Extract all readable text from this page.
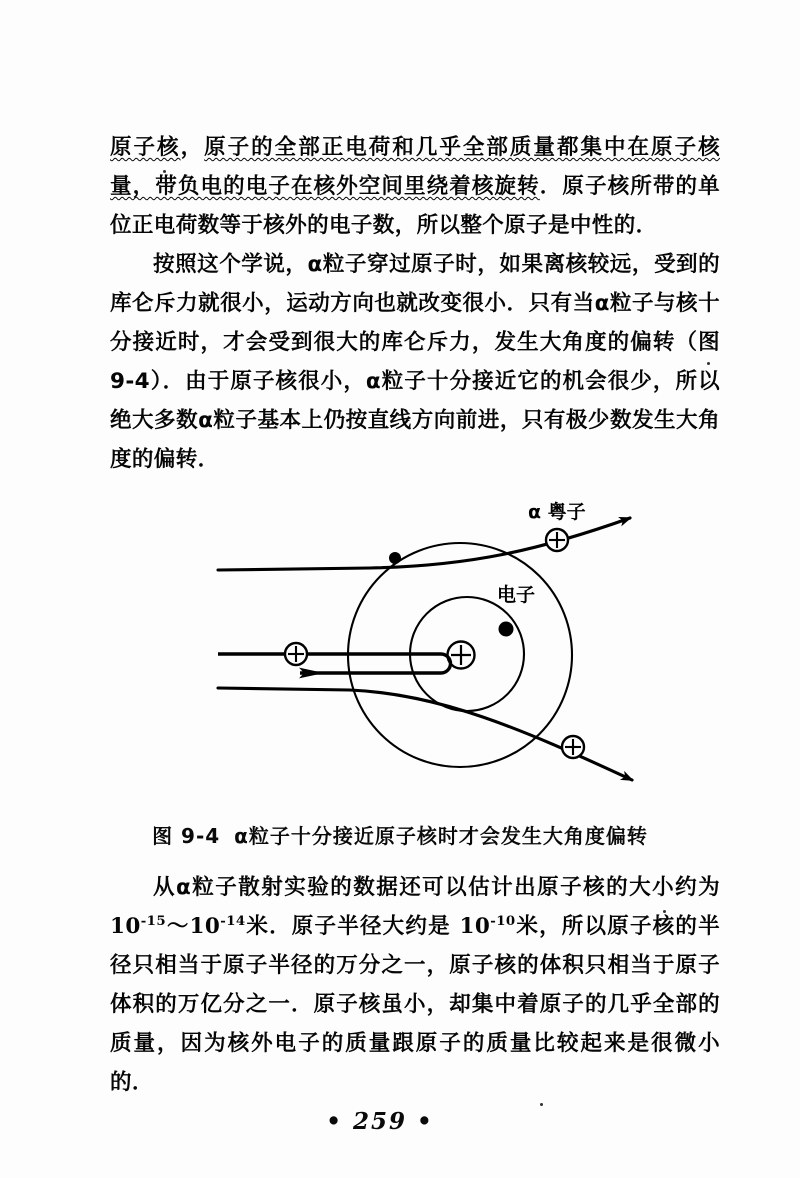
原子核，原子的全部正电荷和几乎全部质量都集中在原子核量，带负电的电子在核外空间里绕着核旋转．原子核所带的单位正电荷数等于核外的电子数，所以整个原子是中性的．

按照这个学说，α粒子穿过原子时，如果离核较远，受到的库仑斥力就很小，运动方向也就改变很小．只有当α粒子与核十分接近时，才会受到很大的库仑斥力，发生大角度的偏转（图9-4）．由于原子核很小，α粒子十分接近它的机会很少，所以绝大多数α粒子基本上仍按直线方向前进，只有极少数发生大角度的偏转．

α 粤子
电子
图 9-4 α粒子十分接近原子核时才会发生大角度偏转

从α粒子散射实验的数据还可以估计出原子核的大小约为 $10^{-15}\sim 10^{-14}$米．原子半径大约是 $10^{-10}$米，所以原子核的半径只相当于原子半径的万分之一，原子核的体积只相当于原子体积的万亿分之一．原子核虽小，却集中着原子的几乎全部的质量，因为核外电子的质量跟原子的质量比较起来是很微小的．

• 259 •
